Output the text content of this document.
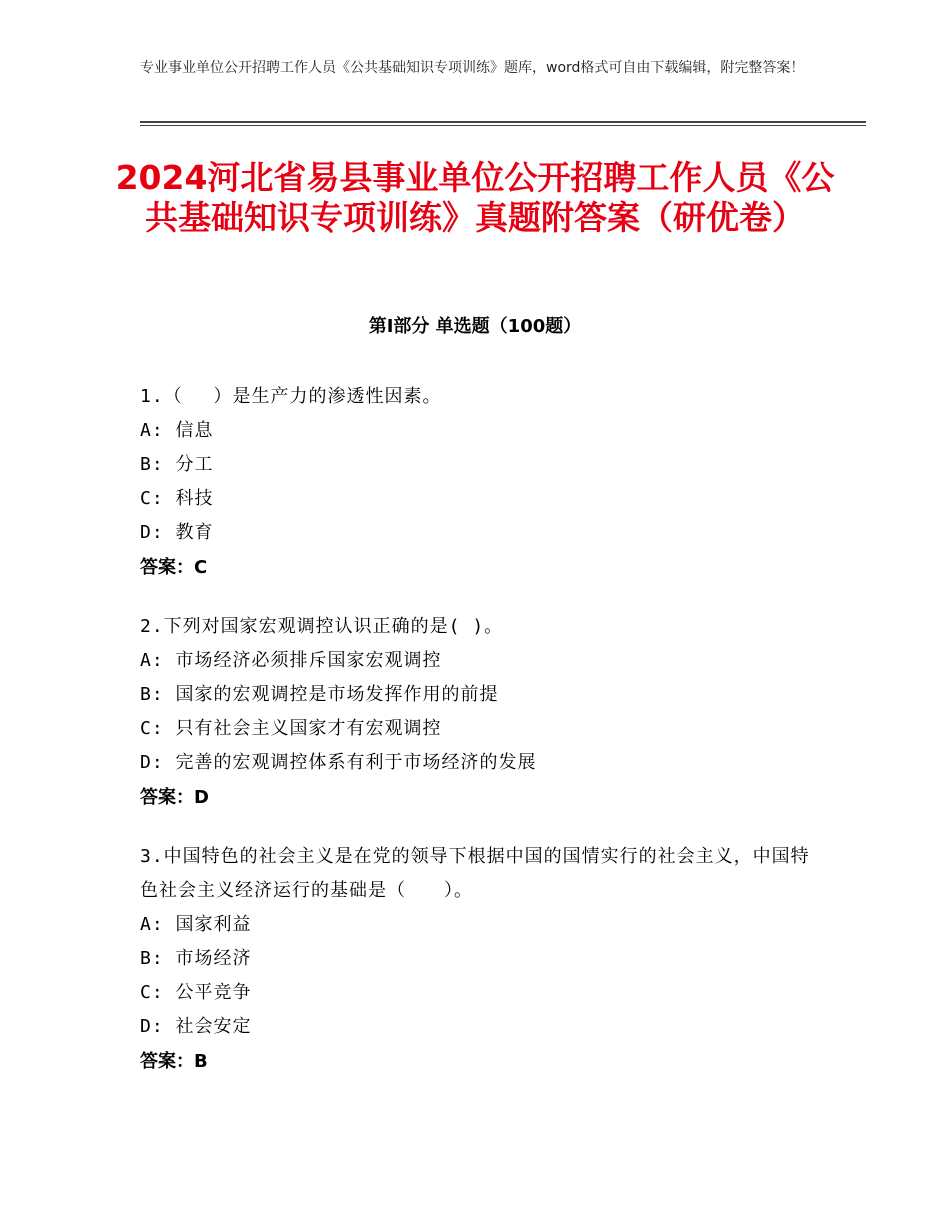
专业事业单位公开招聘工作人员《公共基础知识专项训练》题库，word格式可自由下载编辑，附完整答案！
2024河北省易县事业单位公开招聘工作人员《公共基础知识专项训练》真题附答案（研优卷）
第Ⅰ部分 单选题（100题）

1.（　 ）是生产力的渗透性因素。

A: 信息

B: 分工

C: 科技

D: 教育

答案：C

2.下列对国家宏观调控认识正确的是( )。

A: 市场经济必须排斥国家宏观调控

B: 国家的宏观调控是市场发挥作用的前提

C: 只有社会主义国家才有宏观调控

D: 完善的宏观调控体系有利于市场经济的发展

答案：D

3.中国特色的社会主义是在党的领导下根据中国的国情实行的社会主义，中国特色社会主义经济运行的基础是（　　）。

A: 国家利益

B: 市场经济

C: 公平竞争

D: 社会安定

答案：B
